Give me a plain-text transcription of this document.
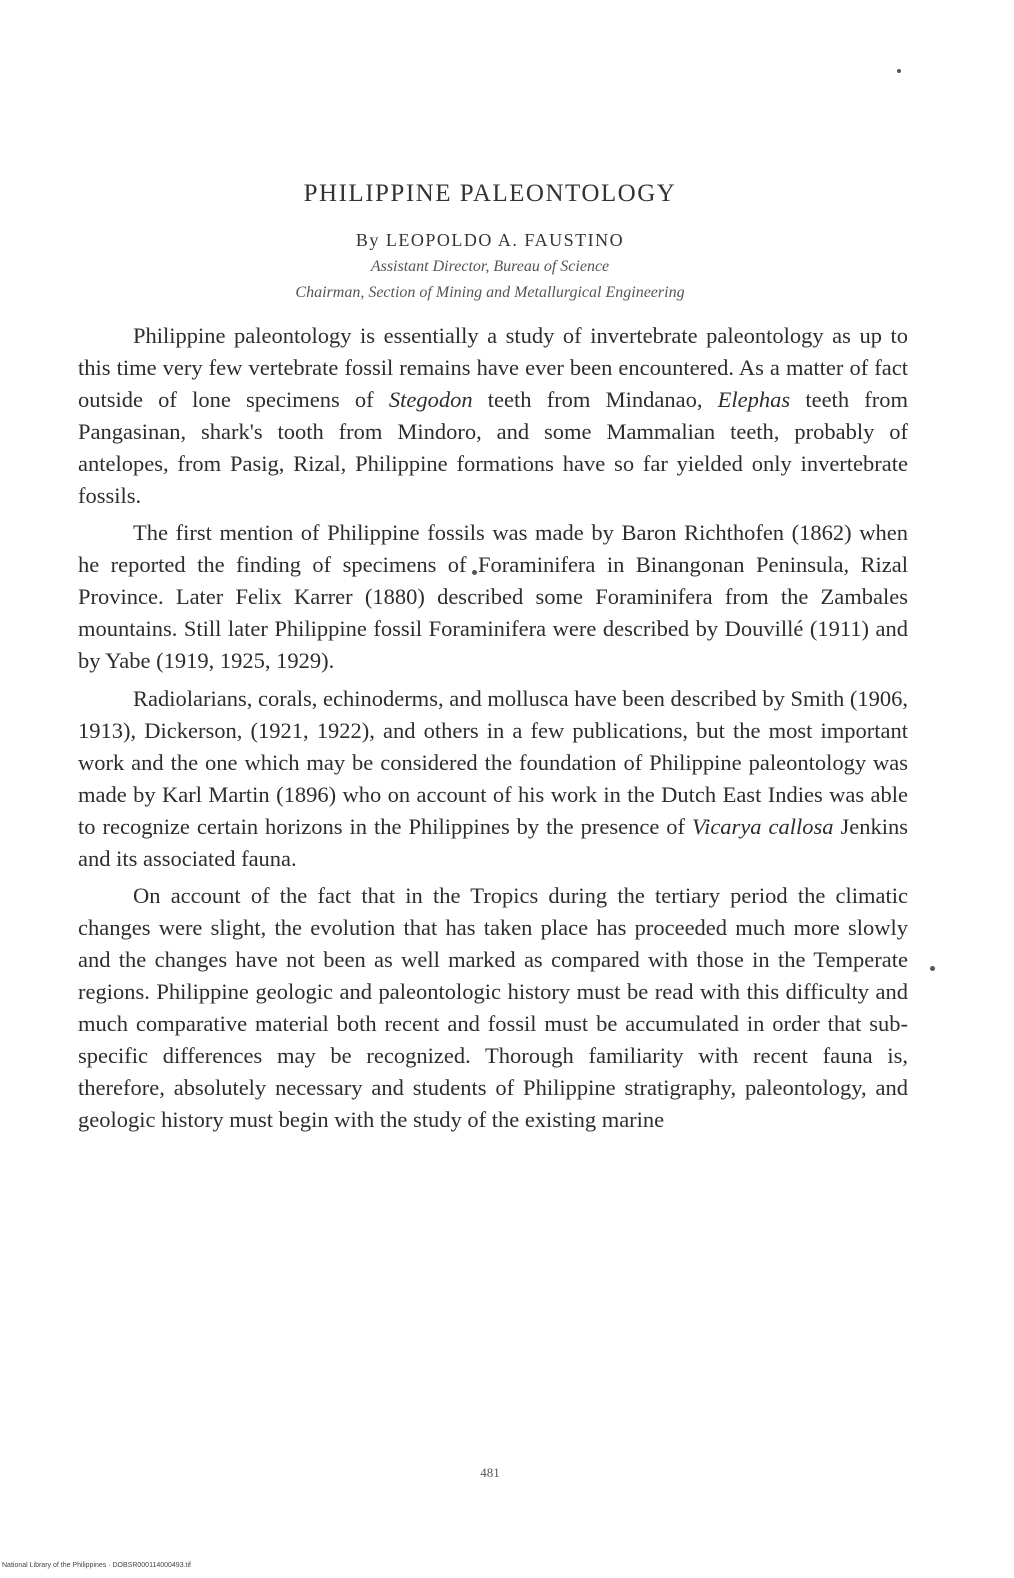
PHILIPPINE PALEONTOLOGY
By LEOPOLDO A. FAUSTINO
Assistant Director, Bureau of Science
Chairman, Section of Mining and Metallurgical Engineering

Philippine paleontology is essentially a study of invertebrate paleontology as up to this time very few vertebrate fossil remains have ever been encountered. As a matter of fact outside of lone specimens of Stegodon teeth from Mindanao, Elephas teeth from Pangasinan, shark's tooth from Mindoro, and some Mammalian teeth, probably of antelopes, from Pasig, Rizal, Philippine formations have so far yielded only invertebrate fossils.

The first mention of Philippine fossils was made by Baron Richthofen (1862) when he reported the finding of specimens of Foraminifera in Binangonan Peninsula, Rizal Province. Later Felix Karrer (1880) described some Foraminifera from the Zambales mountains. Still later Philippine fossil Foraminifera were described by Douvillé (1911) and by Yabe (1919, 1925, 1929).

Radiolarians, corals, echinoderms, and mollusca have been described by Smith (1906, 1913), Dickerson, (1921, 1922), and others in a few publications, but the most important work and the one which may be considered the foundation of Philippine paleontology was made by Karl Martin (1896) who on account of his work in the Dutch East Indies was able to recognize certain horizons in the Philippines by the presence of Vicarya callosa Jenkins and its associated fauna.

On account of the fact that in the Tropics during the tertiary period the climatic changes were slight, the evolution that has taken place has proceeded much more slowly and the changes have not been as well marked as compared with those in the Temperate regions. Philippine geologic and paleontologic history must be read with this difficulty and much comparative material both recent and fossil must be accumulated in order that sub-specific differences may be recognized. Thorough familiarity with recent fauna is, therefore, absolutely necessary and students of Philippine stratigraphy, paleontology, and geologic history must begin with the study of the existing marine

481
National Library of the Philippines · DOBSR000114000493.tif
